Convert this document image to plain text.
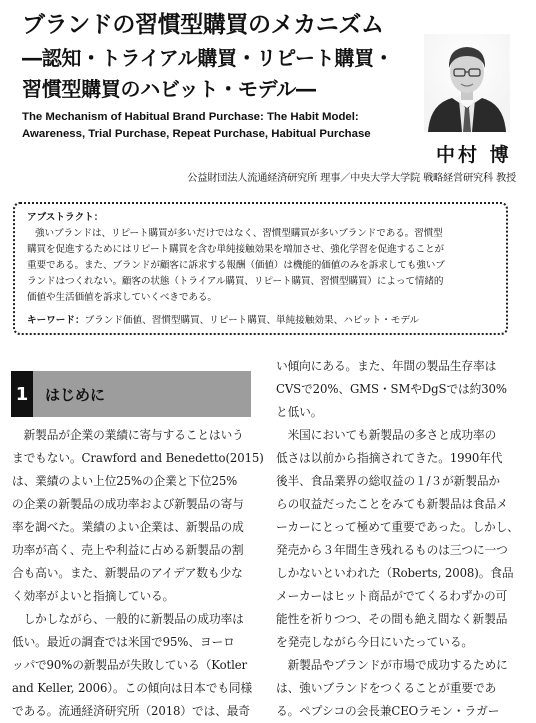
ブランドの習慣型購買のメカニズム
―認知・トライアル購買・リピート購買・
習慣型購買のハビット・モデル―

The Mechanism of Habitual Brand Purchase: The Habit Model:
Awareness, Trial Purchase, Repeat Purchase, Habitual Purchase

中村 博

公益財団法人流通経済研究所 理事／中央大学大学院 戦略経営研究科 教授

アブストラクト：

強いブランドは、リピート購買が多いだけではなく、習慣型購買が多いブランドである。習慣型

購買を促進するためにはリピート購買を含む単純接触効果を増加させ、強化学習を促進することが

重要である。また、ブランドが顧客に訴求する報酬（価値）は機能的価値のみを訴求しても強いブ

ランドはつくれない。顧客の状態（トライアル購買、リピート購買、習慣型購買）によって情緒的

価値や生活価値を訴求していくべきである。

キーワード：ブランド価値、習慣型購買、リピート購買、単純接触効果、ハビット・モデル

1	はじめに
　新製品が企業の業績に寄与することはいう
までもない。Crawford and Benedetto(2015)
は、業績のよい上位25%の企業と下位25%
の企業の新製品の成功率および新製品の寄与
率を調べた。業績のよい企業は、新製品の成
功率が高く、売上や利益に占める新製品の割
合も高い。また、新製品のアイデア数も少な
く効率がよいと指摘している。
　しかしながら、一般的に新製品の成功率は
低い。最近の調査では米国で95%、ヨーロ
ッパで90%の新製品が失敗している（Kotler
and Keller, 2006）。この傾向は日本でも同様
である。流通経済研究所（2018）では、最奇
い傾向にある。また、年間の製品生存率は
CVSで20%、GMS・SMやDgSでは約30%
と低い。
　米国においても新製品の多さと成功率の
低さは以前から指摘されてきた。1990年代
後半、食品業界の総収益の１/３が新製品か
らの収益だったことをみても新製品は食品メ
ーカーにとって極めて重要であった。しかし、
発売から３年間生き残れるものは三つに一つ
しかないといわれた（Roberts, 2008)。食品
メーカーはヒット商品がでてくるわずかの可
能性を祈りつつ、その間も絶え間なく新製品
を発売しながら今日にいたっている。
　新製品やブランドが市場で成功するために
は、強いブランドをつくることが重要であ
る。ペプシコの会長兼CEOラモン・ラガー
